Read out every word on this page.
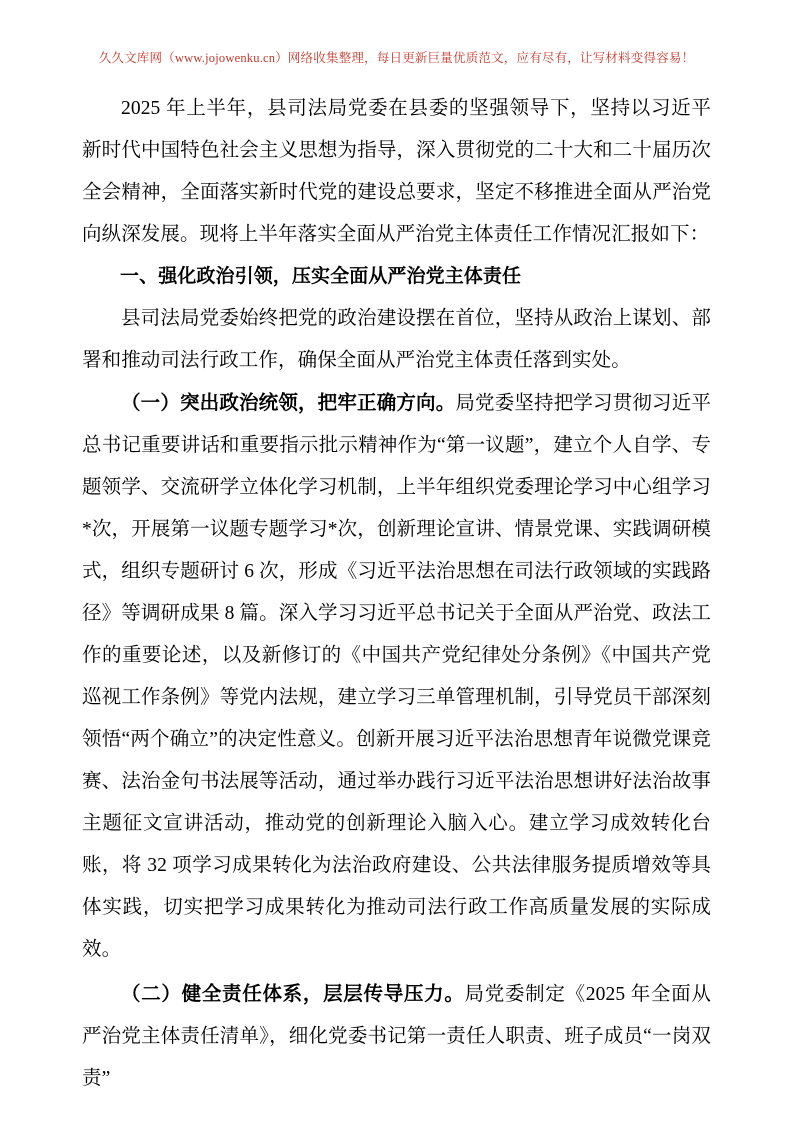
久久文库网（www.jojowenku.cn）网络收集整理，每日更新巨量优质范文，应有尽有，让写材料变得容易！

2025 年上半年，县司法局党委在县委的坚强领导下，坚持以习近平新时代中国特色社会主义思想为指导，深入贯彻党的二十大和二十届历次全会精神，全面落实新时代党的建设总要求，坚定不移推进全面从严治党向纵深发展。现将上半年落实全面从严治党主体责任工作情况汇报如下：

一、强化政治引领，压实全面从严治党主体责任

县司法局党委始终把党的政治建设摆在首位，坚持从政治上谋划、部署和推动司法行政工作，确保全面从严治党主体责任落到实处。

（一）突出政治统领，把牢正确方向。局党委坚持把学习贯彻习近平总书记重要讲话和重要指示批示精神作为“第一议题”，建立个人自学、专题领学、交流研学立体化学习机制，上半年组织党委理论学习中心组学习*次，开展第一议题专题学习*次，创新理论宣讲、情景党课、实践调研模式，组织专题研讨 6 次，形成《习近平法治思想在司法行政领域的实践路径》等调研成果 8 篇。深入学习习近平总书记关于全面从严治党、政法工作的重要论述，以及新修订的《中国共产党纪律处分条例》《中国共产党巡视工作条例》等党内法规，建立学习三单管理机制，引导党员干部深刻领悟“两个确立”的决定性意义。创新开展习近平法治思想青年说微党课竞赛、法治金句书法展等活动，通过举办践行习近平法治思想讲好法治故事主题征文宣讲活动，推动党的创新理论入脑入心。建立学习成效转化台账，将 32 项学习成果转化为法治政府建设、公共法律服务提质增效等具体实践，切实把学习成果转化为推动司法行政工作高质量发展的实际成效。

（二）健全责任体系，层层传导压力。局党委制定《2025 年全面从严治党主体责任清单》，细化党委书记第一责任人职责、班子成员“一岗双责”
